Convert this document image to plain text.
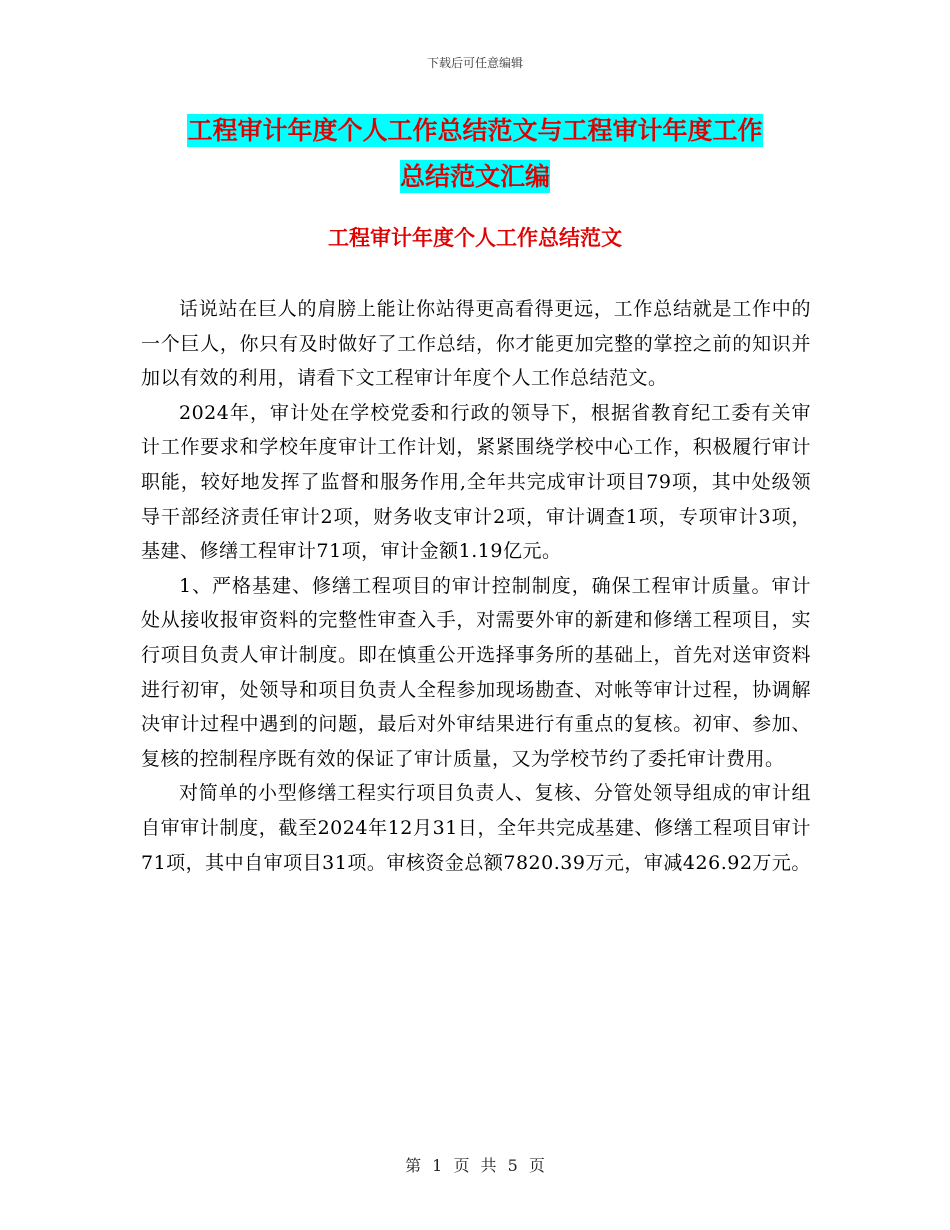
下载后可任意编辑
工程审计年度个人工作总结范文与工程审计年度工作
总结范文汇编
工程审计年度个人工作总结范文

话说站在巨人的肩膀上能让你站得更高看得更远，工作总结就是工作中的一个巨人，你只有及时做好了工作总结，你才能更加完整的掌控之前的知识并加以有效的利用，请看下文工程审计年度个人工作总结范文。

2024年，审计处在学校党委和行政的领导下，根据省教育纪工委有关审计工作要求和学校年度审计工作计划，紧紧围绕学校中心工作，积极履行审计职能，较好地发挥了监督和服务作用,全年共完成审计项目79项，其中处级领导干部经济责任审计2项，财务收支审计2项，审计调查1项，专项审计3项，基建、修缮工程审计71项，审计金额1.19亿元。

1、严格基建、修缮工程项目的审计控制制度，确保工程审计质量。审计处从接收报审资料的完整性审查入手，对需要外审的新建和修缮工程项目，实行项目负责人审计制度。即在慎重公开选择事务所的基础上，首先对送审资料进行初审，处领导和项目负责人全程参加现场勘查、对帐等审计过程，协调解决审计过程中遇到的问题，最后对外审结果进行有重点的复核。初审、参加、复核的控制程序既有效的保证了审计质量，又为学校节约了委托审计费用。

对简单的小型修缮工程实行项目负责人、复核、分管处领导组成的审计组自审审计制度，截至2024年12月31日，全年共完成基建、修缮工程项目审计71项，其中自审项目31项。审核资金总额7820.39万元，审减426.92万元。

第 1 页 共 5 页
